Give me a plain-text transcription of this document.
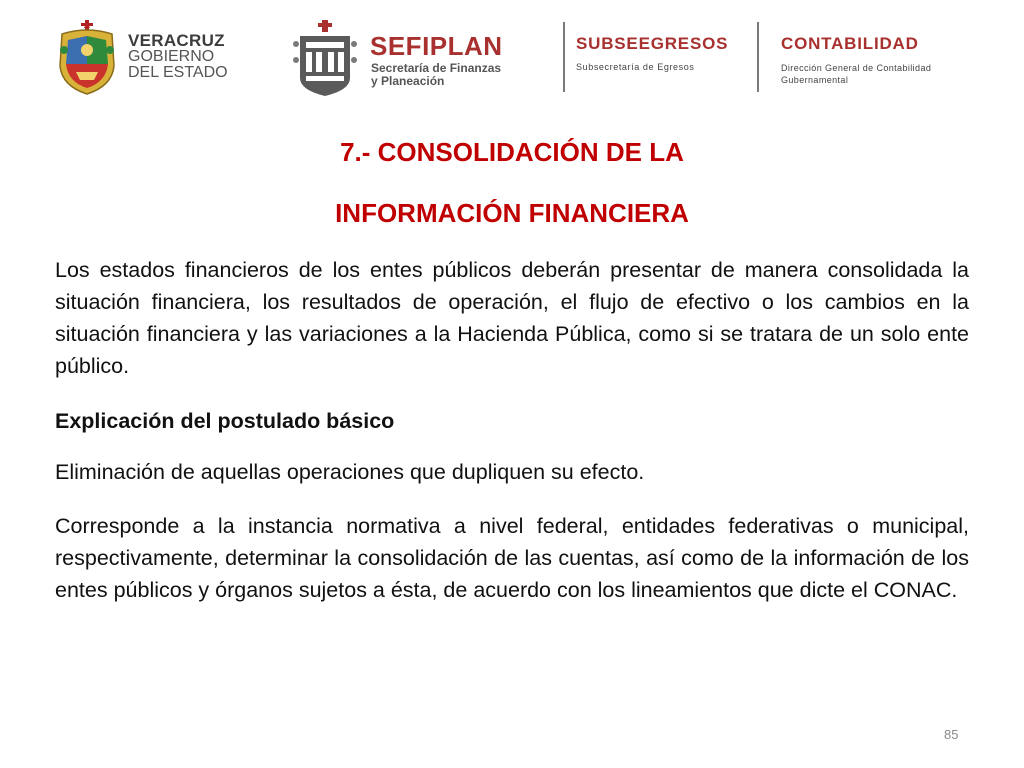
VERACRUZ
GOBIERNO
DEL ESTADO
SEFIPLAN
Secretaría de Finanzas
y Planeación
SUBSEEGRESOS
Subsecretaría de Egresos
CONTABILIDAD
Dirección General de Contabilidad
Gubernamental
7.- CONSOLIDACIÓN DE LA
INFORMACIÓN FINANCIERA
Los estados financieros de los entes públicos deberán presentar de manera consolidada la situación financiera, los resultados de operación, el flujo de efectivo o los cambios en la situación financiera y las variaciones a la Hacienda Pública, como si se tratara de un solo ente público.
Explicación del postulado básico
Eliminación de aquellas operaciones que dupliquen su efecto.
Corresponde a la instancia normativa a nivel federal, entidades federativas o municipal, respectivamente, determinar la consolidación de las cuentas, así como de la información de los entes públicos y órganos sujetos a ésta, de acuerdo con los lineamientos que dicte el CONAC.
85
